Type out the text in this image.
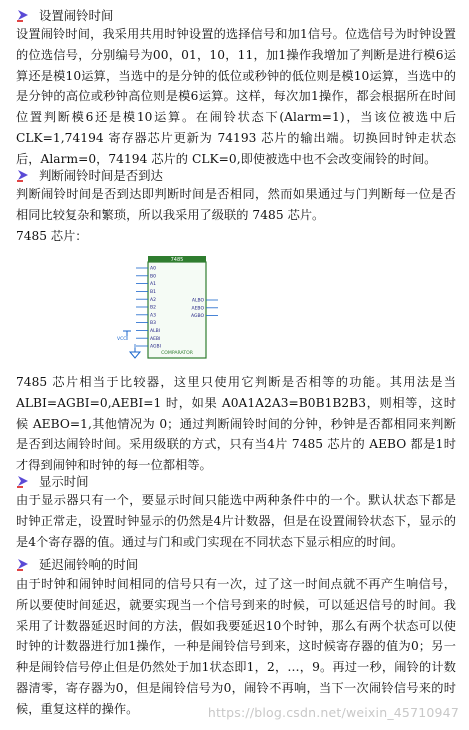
设置闹铃时间

设置闹铃时间，我采用共用时钟设置的选择信号和加1信号。位选信号为时钟设置的位选信号，分别编号为00，01，10，11，加1操作我增加了判断是进行模6运算还是模10运算，当选中的是分钟的低位或秒钟的低位则是模10运算，当选中的是分钟的高位或秒钟高位则是模6运算。这样，每次加1操作，都会根据所在时间位置判断模6还是模10运算。在闹铃状态下(Alarm=1)，当该位被选中后CLK=1,74194 寄存器芯片更新为 74193 芯片的输出端。切换回时钟走状态后，Alarm=0，74194 芯片的 CLK=0,即使被选中也不会改变闹铃的时间。

判断闹铃时间是否到达

判断闹铃时间是否到达即判断时间是否相同，然而如果通过与门判断每一位是否相同比较复杂和繁琐，所以我采用了级联的 7485 芯片。

7485 芯片：
VCC
7485
COMPARATOR
A0
B0
A1
B1
A2
B2
A3
B3
ALBI
AEBI
AGBI
ALBO
AEBO
AGBO

7485 芯片相当于比较器，这里只使用它判断是否相等的功能。其用法是当ALBI=AGBI=0,AEBI=1 时，如果 A0A1A2A3=B0B1B2B3，则相等，这时候 AEBO=1,其他情况为 0；通过判断闹铃时间的分钟，秒钟是否都相同来判断是否到达闹铃时间。采用级联的方式，只有当4片 7485 芯片的 AEBO 都是1时才得到闹钟和时钟的每一位都相等。

显示时间

由于显示器只有一个，要显示时间只能选中两种条件中的一个。默认状态下都是时钟正常走，设置时钟显示的仍然是4片计数器，但是在设置闹铃状态下，显示的是4个寄存器的值。通过与门和或门实现在不同状态下显示相应的时间。

延迟闹铃响的时间

由于时钟和闹钟时间相同的信号只有一次，过了这一时间点就不再产生响信号，所以要使时间延迟，就要实现当一个信号到来的时候，可以延迟信号的时间。我采用了计数器延迟时间的方法，假如我要延迟10个时钟，那么有两个状态可以使时钟的计数器进行加1操作，一种是闹铃信号到来，这时候寄存器的值为0；另一种是闹铃信号停止但是仍然处于加1状态即1，2，…，9。再过一秒，闹铃的计数器清零，寄存器为0，但是闹铃信号为0，闹铃不再响，当下一次闹铃信号来的时候，重复这样的操作。	https://blog.csdn.net/weixin_45710947
